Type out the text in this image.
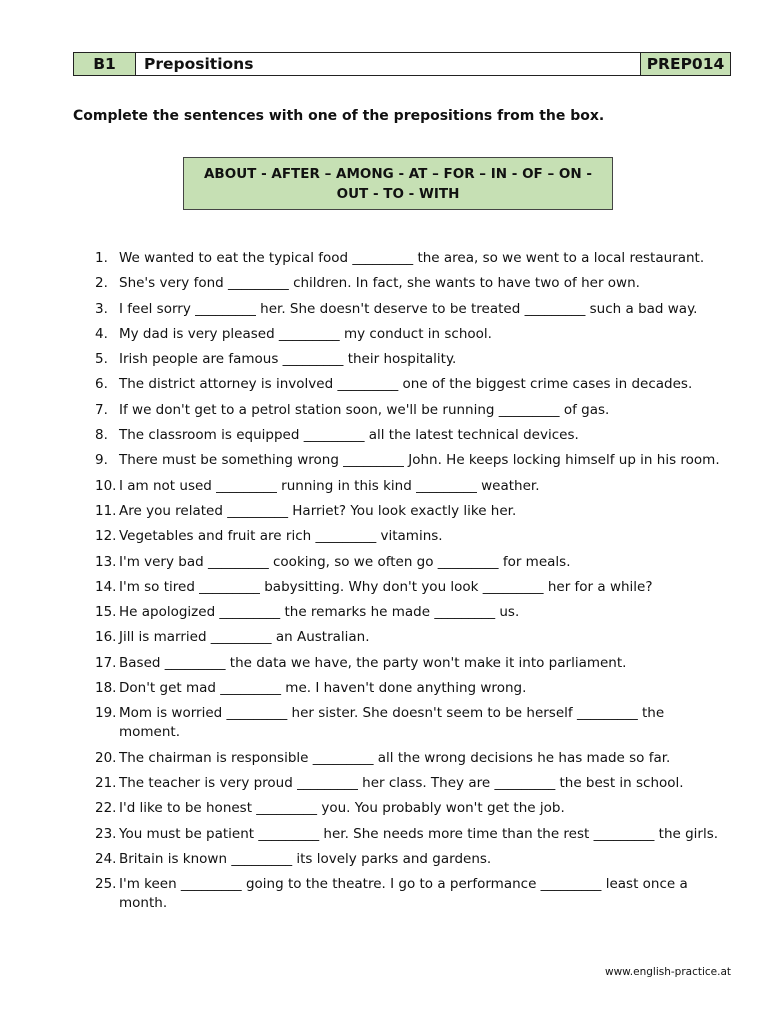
B1	Prepositions	PREP014

Complete the sentences with one of the prepositions from the box.

ABOUT - AFTER – AMONG - AT – FOR – IN - OF – ON -
OUT - TO - WITH
1. We wanted to eat the typical food _________ the area, so we went to a local restaurant.
2. She's very fond _________ children. In fact, she wants to have two of her own.
3. I feel sorry _________ her. She doesn't deserve to be treated _________ such a bad way.
4. My dad is very pleased _________ my conduct in school.
5. Irish people are famous _________ their hospitality.
6. The district attorney is involved _________ one of the biggest crime cases in decades.
7. If we don't get to a petrol station soon, we'll be running _________ of gas.
8. The classroom is equipped _________ all the latest technical devices.
9. There must be something wrong _________ John. He keeps locking himself up in his room.
10. I am not used _________ running in this kind _________ weather.
11. Are you related _________ Harriet? You look exactly like her.
12. Vegetables and fruit are rich _________ vitamins.
13. I'm very bad _________ cooking, so we often go _________ for meals.
14. I'm so tired _________ babysitting. Why don't you look _________ her for a while?
15. He apologized _________ the remarks he made _________ us.
16. Jill is married _________ an Australian.
17. Based _________ the data we have, the party won't make it into parliament.
18. Don't get mad _________ me. I haven't done anything wrong.
19. Mom is worried _________ her sister. She doesn't seem to be herself _________ the moment.
20. The chairman is responsible _________ all the wrong decisions he has made so far.
21. The teacher is very proud _________ her class. They are _________ the best in school.
22. I'd like to be honest _________ you. You probably won't get the job.
23. You must be patient _________ her. She needs more time than the rest _________ the girls.
24. Britain is known _________ its lovely parks and gardens.
25. I'm keen _________ going to the theatre. I go to a performance _________ least once a month.
www.english-practice.at
